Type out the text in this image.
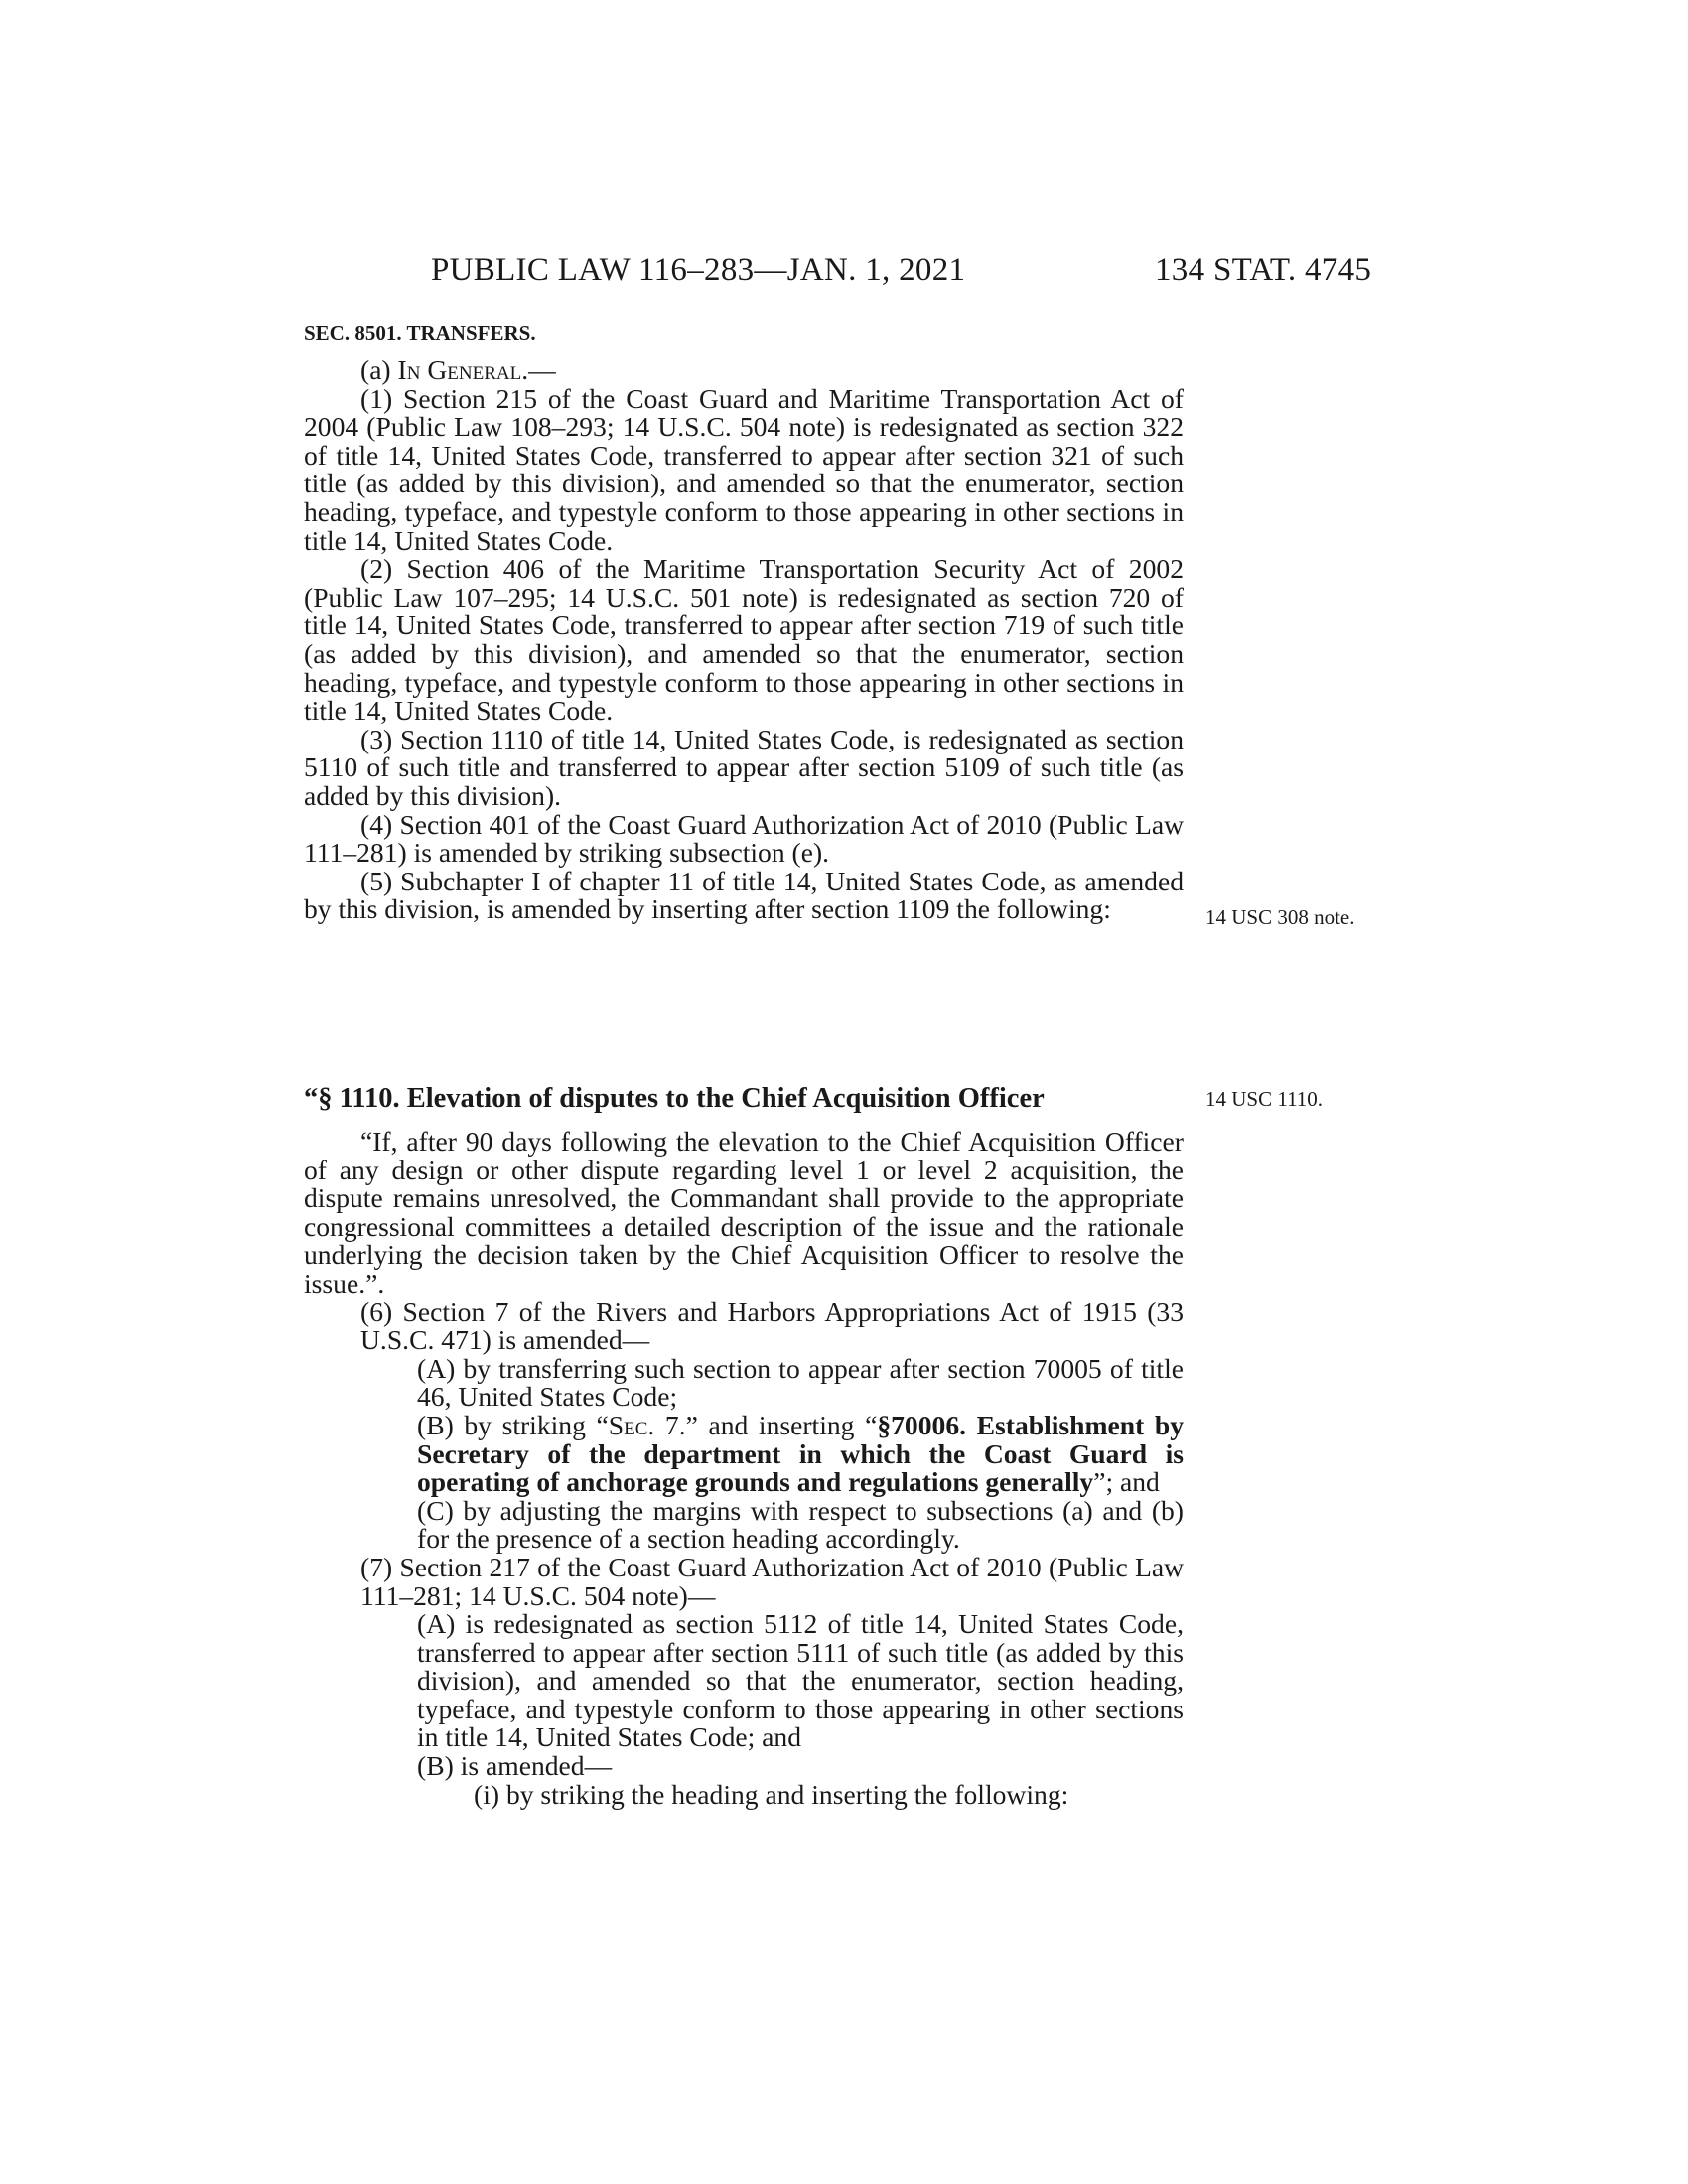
PUBLIC LAW 116–283—JAN. 1, 2021	134 STAT. 4745
SEC. 8501. TRANSFERS.

(a) In General.—

(1) Section 215 of the Coast Guard and Maritime Transportation Act of 2004 (Public Law 108–293; 14 U.S.C. 504 note) is redesignated as section 322 of title 14, United States Code, transferred to appear after section 321 of such title (as added by this division), and amended so that the enumerator, section heading, typeface, and typestyle conform to those appearing in other sections in title 14, United States Code.

(2) Section 406 of the Maritime Transportation Security Act of 2002 (Public Law 107–295; 14 U.S.C. 501 note) is redesignated as section 720 of title 14, United States Code, transferred to appear after section 719 of such title (as added by this division), and amended so that the enumerator, section heading, typeface, and typestyle conform to those appearing in other sections in title 14, United States Code.

(3) Section 1110 of title 14, United States Code, is redesignated as section 5110 of such title and transferred to appear after section 5109 of such title (as added by this division).

(4) Section 401 of the Coast Guard Authorization Act of 2010 (Public Law 111–281) is amended by striking subsection (e).

(5) Subchapter I of chapter 11 of title 14, United States Code, as amended by this division, is amended by inserting after section 1109 the following:	14 USC 308 note.
“§ 1110. Elevation of disputes to the Chief Acquisition Officer	14 USC 1110.

“If, after 90 days following the elevation to the Chief Acquisition Officer of any design or other dispute regarding level 1 or level 2 acquisition, the dispute remains unresolved, the Commandant shall provide to the appropriate congressional committees a detailed description of the issue and the rationale underlying the decision taken by the Chief Acquisition Officer to resolve the issue.”.

(6) Section 7 of the Rivers and Harbors Appropriations Act of 1915 (33 U.S.C. 471) is amended—

(A) by transferring such section to appear after section 70005 of title 46, United States Code;

(B) by striking “Sec. 7.” and inserting “§70006. Establishment by Secretary of the department in which the Coast Guard is operating of anchorage grounds and regulations generally”; and

(C) by adjusting the margins with respect to subsections (a) and (b) for the presence of a section heading accordingly.

(7) Section 217 of the Coast Guard Authorization Act of 2010 (Public Law 111–281; 14 U.S.C. 504 note)—

(A) is redesignated as section 5112 of title 14, United States Code, transferred to appear after section 5111 of such title (as added by this division), and amended so that the enumerator, section heading, typeface, and typestyle conform to those appearing in other sections in title 14, United States Code; and

(B) is amended—

(i) by striking the heading and inserting the following:
